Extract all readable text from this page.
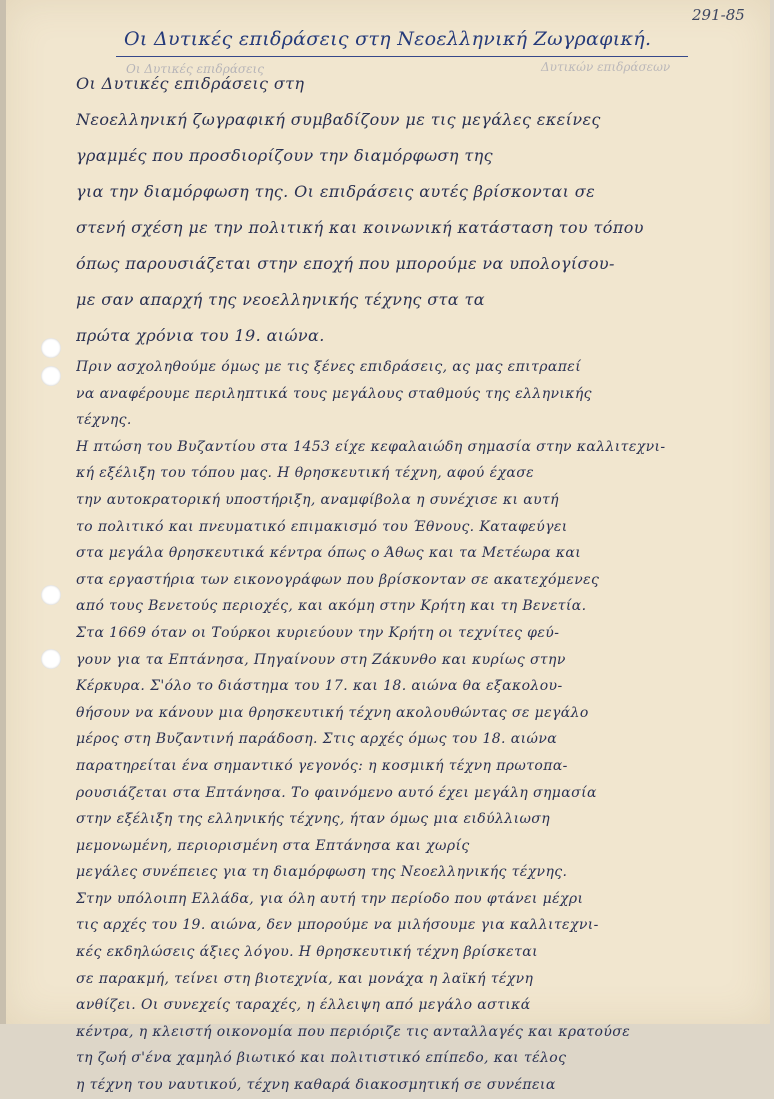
291-85
Οι Δυτικές επιδράσεις στη Νεοελληνική Ζωγραφική.
Οι Δυτικές επιδράσεις	Δυτικών επιδράσεων
Οι Δυτικές επιδράσεις στη
Νεοελληνική ζωγραφική συμβαδίζουν με τις μεγάλες εκείνες
γραμμές που προσδιορίζουν την διαμόρφωση της
για την διαμόρφωση της. Οι επιδράσεις αυτές βρίσκονται σε
στενή σχέση με την πολιτική και κοινωνική κατάσταση του τόπου
όπως παρουσιάζεται στην εποχή που μπορούμε να υπολογίσου-
με σαν απαρχή της νεοελληνικής τέχνης στα τα
πρώτα χρόνια του 19. αιώνα.
Πριν ασχοληθούμε όμως με τις ξένες επιδράσεις, ας μας επιτραπεί
να αναφέρουμε περιληπτικά τους μεγάλους σταθμούς της ελληνικής
τέχνης.
Η πτώση του Βυζαντίου στα 1453 είχε κεφαλαιώδη σημασία στην καλλιτεχνι-
κή εξέλιξη του τόπου μας. Η θρησκευτική τέχνη, αφού έχασε
την αυτοκρατορική υποστήριξη, αναμφίβολα η συνέχισε κι αυτή
το πολιτικό και πνευματικό επιμακισμό του Έθνους. Καταφεύγει
στα μεγάλα θρησκευτικά κέντρα όπως ο Άθως και τα Μετέωρα και
στα εργαστήρια των εικονογράφων που βρίσκονταν σε ακατεχόμενες
από τους Βενετούς περιοχές, και ακόμη στην Κρήτη και τη Βενετία.
Στα 1669 όταν οι Τούρκοι κυριεύουν την Κρήτη οι τεχνίτες φεύ-
γουν για τα Επτάνησα, Πηγαίνουν στη Ζάκυνθο και κυρίως στην
Κέρκυρα. Σ'όλο το διάστημα του 17. και 18. αιώνα θα εξακολου-
θήσουν να κάνουν μια θρησκευτική τέχνη ακολουθώντας σε μεγάλο
μέρος στη Βυζαντινή παράδοση. Στις αρχές όμως του 18. αιώνα
παρατηρείται ένα σημαντικό γεγονός: η κοσμική τέχνη πρωτοπα-
ρουσιάζεται στα Επτάνησα. Το φαινόμενο αυτό έχει μεγάλη σημασία
στην εξέλιξη της ελληνικής τέχνης, ήταν όμως μια ειδύλλιωση
μεμονωμένη, περιορισμένη στα Επτάνησα και χωρίς
μεγάλες συνέπειες για τη διαμόρφωση της Νεοελληνικής τέχνης.
Στην υπόλοιπη Ελλάδα, για όλη αυτή την περίοδο που φτάνει μέχρι
τις αρχές του 19. αιώνα, δεν μπορούμε να μιλήσουμε για καλλιτεχνι-
κές εκδηλώσεις άξιες λόγου. Η θρησκευτική τέχνη βρίσκεται
σε παρακμή, τείνει στη βιοτεχνία, και μονάχα η λαϊκή τέχνη
ανθίζει. Οι συνεχείς ταραχές, η έλλειψη από μεγάλο αστικά
κέντρα, η κλειστή οικονομία που περιόριζε τις ανταλλαγές και κρατούσε
τη ζωή σ'ένα χαμηλό βιωτικό και πολιτιστικό επίπεδο, και τέλος
η τέχνη του ναυτικού, τέχνη καθαρά διακοσμητική σε συνέπεια
